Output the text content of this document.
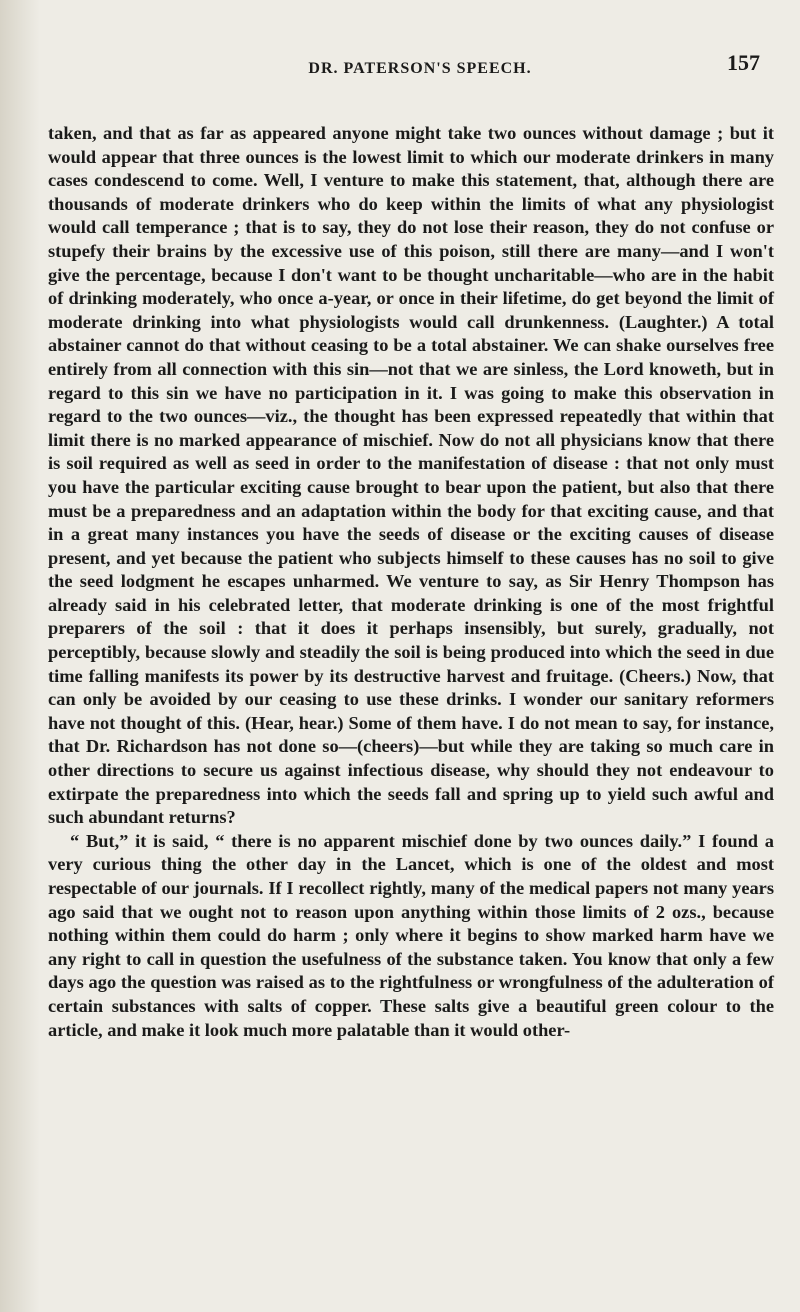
DR. PATERSON'S SPEECH.	157

taken, and that as far as appeared anyone might take two ounces without damage ; but it would appear that three ounces is the lowest limit to which our moderate drinkers in many cases condescend to come. Well, I venture to make this statement, that, although there are thousands of moderate drinkers who do keep within the limits of what any physiologist would call temperance ; that is to say, they do not lose their reason, they do not confuse or stupefy their brains by the excessive use of this poison, still there are many—and I won't give the percentage, because I don't want to be thought uncharitable—who are in the habit of drinking moderately, who once a-year, or once in their lifetime, do get beyond the limit of moderate drinking into what physiologists would call drunkenness. (Laughter.) A total abstainer cannot do that without ceasing to be a total abstainer. We can shake ourselves free entirely from all connection with this sin—not that we are sinless, the Lord knoweth, but in regard to this sin we have no participation in it. I was going to make this observation in regard to the two ounces—viz., the thought has been expressed repeatedly that within that limit there is no marked appearance of mischief. Now do not all physicians know that there is soil required as well as seed in order to the manifestation of disease : that not only must you have the particular exciting cause brought to bear upon the patient, but also that there must be a preparedness and an adaptation within the body for that exciting cause, and that in a great many instances you have the seeds of disease or the exciting causes of disease present, and yet because the patient who subjects himself to these causes has no soil to give the seed lodgment he escapes unharmed. We venture to say, as Sir Henry Thompson has already said in his celebrated letter, that moderate drinking is one of the most frightful preparers of the soil : that it does it perhaps insensibly, but surely, gradually, not perceptibly, because slowly and steadily the soil is being produced into which the seed in due time falling manifests its power by its destructive harvest and fruitage. (Cheers.) Now, that can only be avoided by our ceasing to use these drinks. I wonder our sanitary reformers have not thought of this. (Hear, hear.) Some of them have. I do not mean to say, for instance, that Dr. Richardson has not done so—(cheers)—but while they are taking so much care in other directions to secure us against infectious disease, why should they not endeavour to extirpate the preparedness into which the seeds fall and spring up to yield such awful and such abundant returns?

“ But,” it is said, “ there is no apparent mischief done by two ounces daily.” I found a very curious thing the other day in the Lancet, which is one of the oldest and most respectable of our journals. If I recollect rightly, many of the medical papers not many years ago said that we ought not to reason upon anything within those limits of 2 ozs., because nothing within them could do harm ; only where it begins to show marked harm have we any right to call in question the usefulness of the substance taken. You know that only a few days ago the question was raised as to the rightfulness or wrongfulness of the adulteration of certain substances with salts of copper. These salts give a beautiful green colour to the article, and make it look much more palatable than it would other-
